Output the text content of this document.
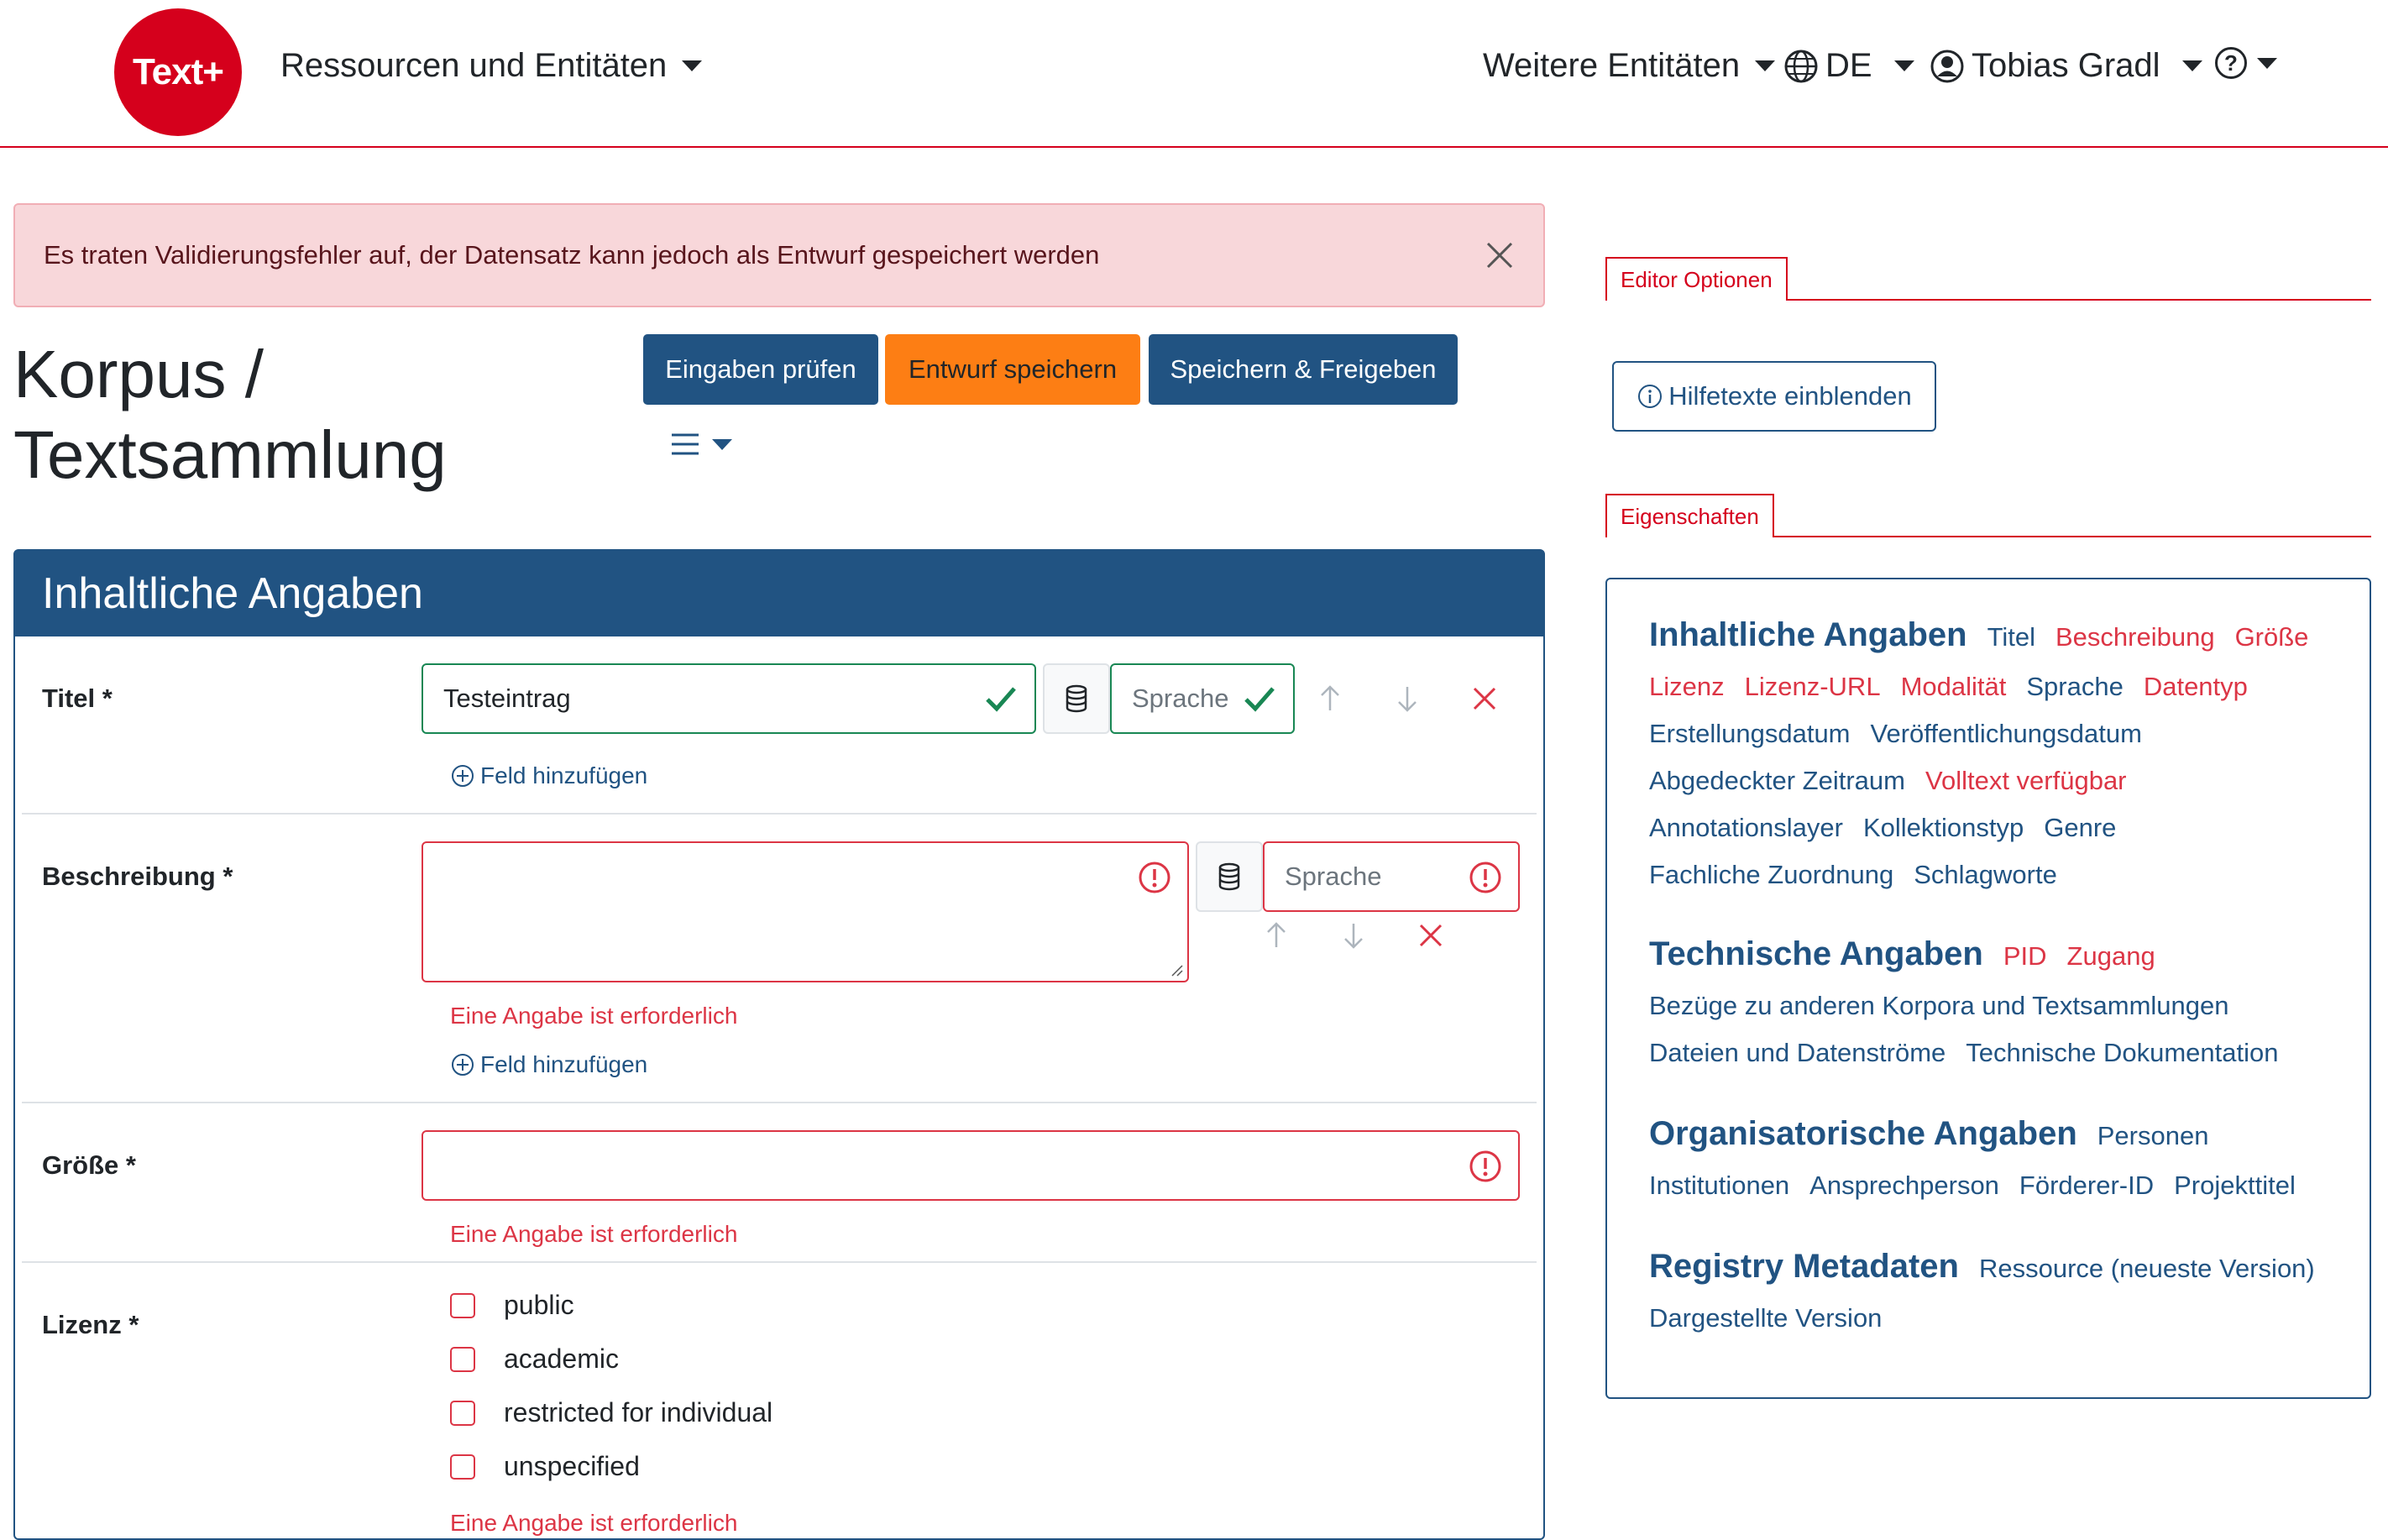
Text+ Ressourcen und Entitäten	Weitere Entitäten	DE	Tobias Gradl	?
Es traten Validierungsfehler auf, der Datensatz kann jedoch als Entwurf gespeichert werden
Korpus /
Textsammlung
Eingaben prüfen Entwurf speichern Speichern & Freigeben
Inhaltliche Angaben
Titel *	Testeintrag	Sprache
Feld hinzufügen
Beschreibung *	Sprache
Eine Angabe ist erforderlich
Feld hinzufügen
Größe *
Eine Angabe ist erforderlich
Lizenz *
public
academic
restricted for individual
unspecified
Eine Angabe ist erforderlich
Editor Optionen
Hilfetexte einblenden
Eigenschaften
Inhaltliche Angaben Titel Beschreibung Größe
Lizenz Lizenz-URL Modalität Sprache Datentyp
Erstellungsdatum Veröffentlichungsdatum
Abgedeckter Zeitraum Volltext verfügbar
Annotationslayer Kollektionstyp Genre
Fachliche Zuordnung Schlagworte
Technische Angaben PID Zugang
Bezüge zu anderen Korpora und Textsammlungen
Dateien und Datenströme Technische Dokumentation
Organisatorische Angaben Personen
Institutionen Ansprechperson Förderer-ID Projekttitel
Registry Metadaten Ressource (neueste Version)
Dargestellte Version
